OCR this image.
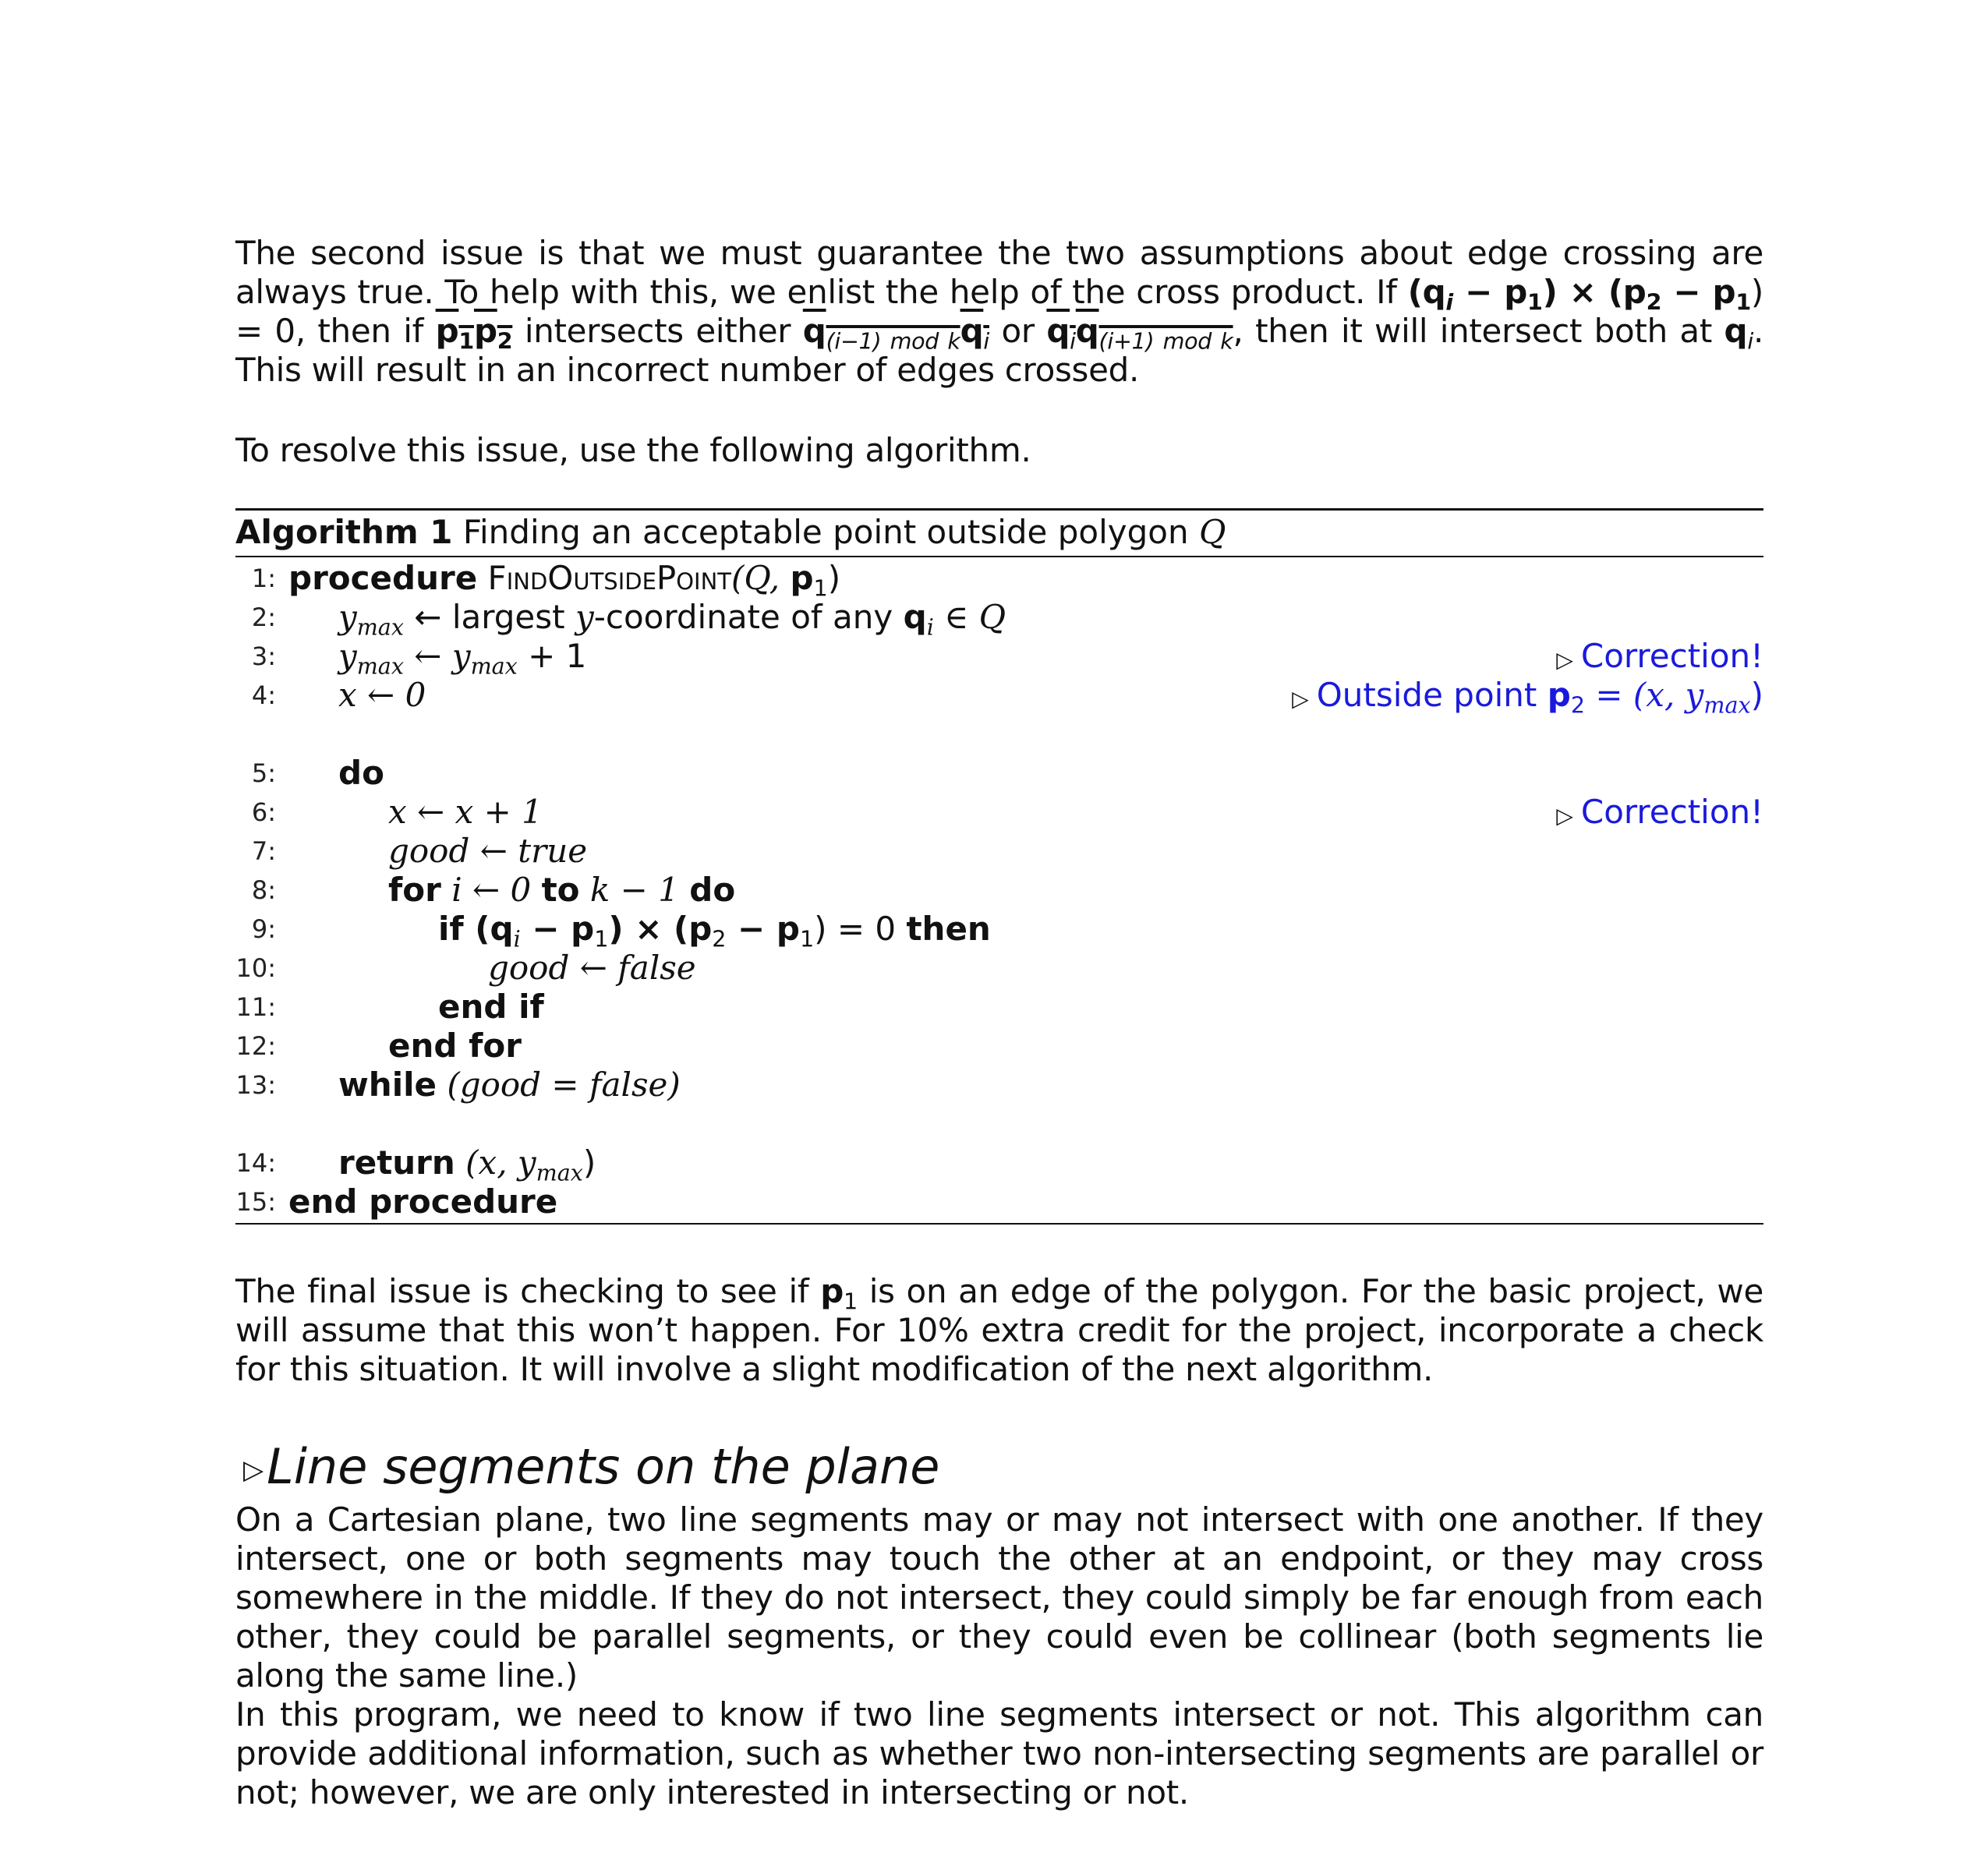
The second issue is that we must guarantee the two assumptions about edge crossing are always true. To help with this, we enlist the help of the cross product. If $(q_i - p_1) \times (p_2 - p_1) = 0$, then if $p_1p_2$ intersects either $q_{(i-1) mod k}q_i$ or $q_iq_{(i+1) mod k}$, then it will intersect both at $q_i$. This will result in an incorrect number of edges crossed.

To resolve this issue, use the following algorithm.

Algorithm 1 Finding an acceptable point outside polygon Q
1: procedure FindOutsidePoint(Q, $p_1$)
2: $y_{max}$ ← largest y-coordinate of any $q_i$ ∈ Q
3: $y_{max}$ ← $y_{max} + 1$	▷ Correction!
4: x ← 0	▷ Outside point $p_2 = (x$, $y_{max}$)
5: do
6:	x ← x + 1	▷ Correction!
7:	good ← true
8:	for i ← 0 to k − 1 do
9:	if $(q_i - p_1) \times (p_2 - p_1) = 0$ then
10:	good ← false
11:	end if
12:	end for
13: while (good = false)
14: return (x, $y_{max}$)
15: end procedure

The final issue is checking to see if $p_1$ is on an edge of the polygon. For the basic project, we will assume that this won’t happen. For 10% extra credit for the project, incorporate a check for this situation. It will involve a slight modification of the next algorithm.

▷Line segments on the plane

On a Cartesian plane, two line segments may or may not intersect with one another. If they intersect, one or both segments may touch the other at an endpoint, or they may cross somewhere in the middle. If they do not intersect, they could simply be far enough from each other, they could be parallel segments, or they could even be collinear (both segments lie along the same line.)

In this program, we need to know if two line segments intersect or not. This algorithm can provide additional information, such as whether two non-intersecting segments are parallel or not; however, we are only interested in intersecting or not.
